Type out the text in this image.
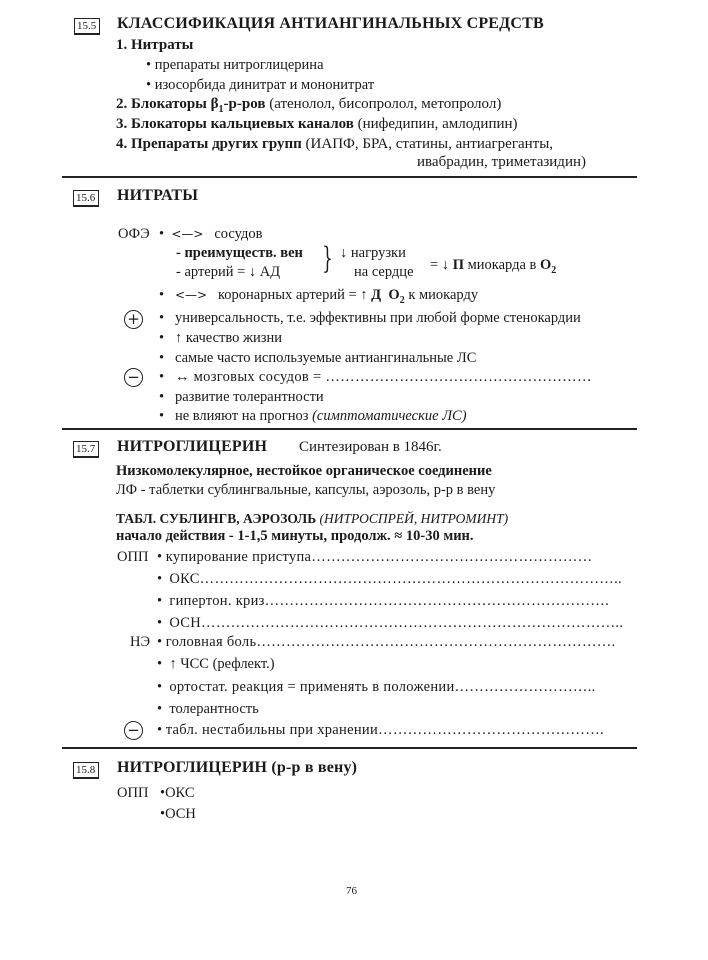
15.5 КЛАССИФИКАЦИЯ АНТИАНГИНАЛЬНЫХ СРЕДСТВ
1. Нитраты
• препараты нитроглицерина
• изосорбида динитрат и мононитрат
2. Блокаторы $\beta_1-р$-ров (атенолол, бисопролол, метопролол)
3. Блокаторы кальциевых каналов (нифедипин, амлодипин)
4. Препараты других групп (ИАПФ, БРА, статины, антиагреганты,
ивабрадин, триметазидин)
15.6 НИТРАТЫ
ОФЭ •	<—> сосудов
- преимуществ. вен
- артерий = ↓ АД } ↓ нагрузки
на сердце = ↓ П миокарда в $O_2$
•    <—> коронарных артерий = ↑ Д $O_2$ к миокарду
+ •	универсальность, т.е. эффективны при любой форме стенокардии
•    ↑ качество жизни
•    самые часто используемые антиангинальные ЛС
− •	↔ мозговых сосудов = ………………………………………………
•    развитие толерантности
•    не влияют на прогноз (симптоматические ЛС)
15.7 НИТРОГЛИЦЕРИН Синтезирован в 1846г.
Низкомолекулярное, нестойкое органическое соединение
ЛФ - таблетки сублингвальные, капсулы, аэрозоль, р-р в вену
ТАБЛ. СУБЛИНГВ, АЭРОЗОЛЬ (НИТРОСПРЕЙ, НИТРОМИНТ)
начало действия - 1-1,5 минуты, продолж. ≈ 10-30 мин.
ОПП •	купирование приступа…………………………………………………
•   ОКС…………………………………………………………………………..
•   гипертон. криз…………………………………………………………….
•   ОСН…………………………………………………………………………..
НЭ •	головная боль……………………………………………………………….
•   ↑ ЧСС (рефлект.)
•   ортостат. реакция = применять в положении………………………..
•   толерантность
− •	табл. нестабильны при хранении……………………………………….
15.8 НИТРОГЛИЦЕРИН (р-р в вену)
ОПП •	ОКС
• ОСН
76
